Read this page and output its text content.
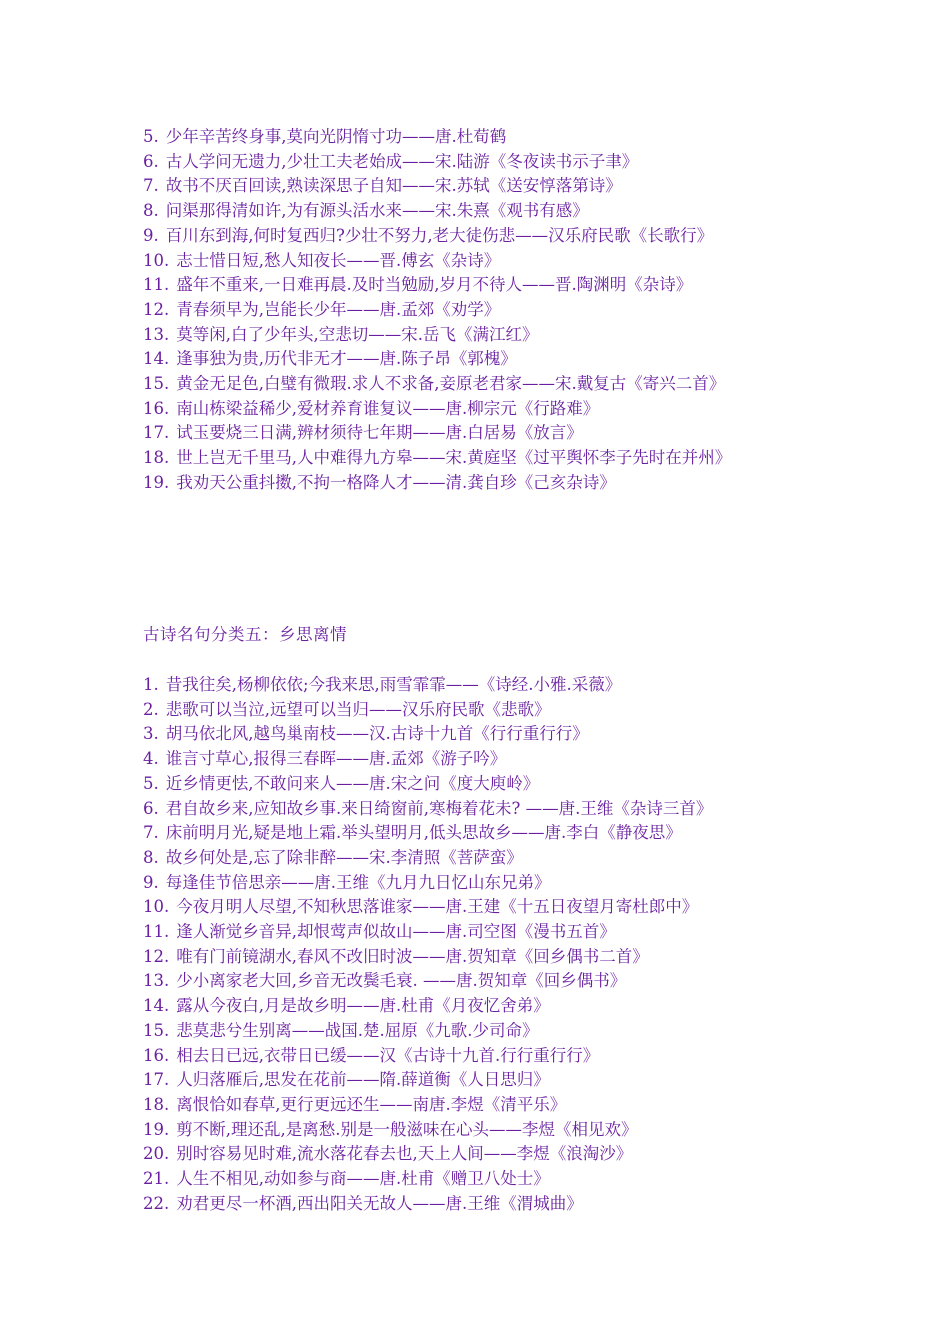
5. 少年辛苦终身事,莫向光阴惰寸功——唐.杜荀鹤
6. 古人学问无遗力,少壮工夫老始成——宋.陆游《冬夜读书示子聿》
7. 故书不厌百回读,熟读深思子自知——宋.苏轼《送安惇落第诗》
8. 问渠那得清如许,为有源头活水来——宋.朱熹《观书有感》
9. 百川东到海,何时复西归?少壮不努力,老大徒伤悲——汉乐府民歌《长歌行》
10. 志士惜日短,愁人知夜长——晋.傅玄《杂诗》
11. 盛年不重来,一日难再晨.及时当勉励,岁月不待人——晋.陶渊明《杂诗》
12. 青春须早为,岂能长少年——唐.孟郊《劝学》
13. 莫等闲,白了少年头,空悲切——宋.岳飞《满江红》
14. 逢事独为贵,历代非无才——唐.陈子昂《郭槐》
15. 黄金无足色,白璧有微瑕.求人不求备,妾原老君家——宋.戴复古《寄兴二首》
16. 南山栋梁益稀少,爱材养育谁复议——唐.柳宗元《行路难》
17. 试玉要烧三日满,辨材须待七年期——唐.白居易《放言》
18. 世上岂无千里马,人中难得九方皋——宋.黄庭坚《过平舆怀李子先时在并州》
19. 我劝天公重抖擞,不拘一格降人才——清.龚自珍《己亥杂诗》
古诗名句分类五：乡思离情
1. 昔我往矣,杨柳依依;今我来思,雨雪霏霏——《诗经.小雅.采薇》
2. 悲歌可以当泣,远望可以当归——汉乐府民歌《悲歌》
3. 胡马依北风,越鸟巢南枝——汉.古诗十九首《行行重行行》
4. 谁言寸草心,报得三春晖——唐.孟郊《游子吟》
5. 近乡情更怯,不敢问来人——唐.宋之问《度大庾岭》
6. 君自故乡来,应知故乡事.来日绮窗前,寒梅着花未? ——唐.王维《杂诗三首》
7. 床前明月光,疑是地上霜.举头望明月,低头思故乡——唐.李白《静夜思》
8. 故乡何处是,忘了除非醉——宋.李清照《菩萨蛮》
9. 每逢佳节倍思亲——唐.王维《九月九日忆山东兄弟》
10. 今夜月明人尽望,不知秋思落谁家——唐.王建《十五日夜望月寄杜郎中》
11. 逢人渐觉乡音异,却恨莺声似故山——唐.司空图《漫书五首》
12. 唯有门前镜湖水,春风不改旧时波——唐.贺知章《回乡偶书二首》
13. 少小离家老大回,乡音无改鬓毛衰. ——唐.贺知章《回乡偶书》
14. 露从今夜白,月是故乡明——唐.杜甫《月夜忆舍弟》
15. 悲莫悲兮生别离——战国.楚.屈原《九歌.少司命》
16. 相去日已远,衣带日已缓——汉《古诗十九首.行行重行行》
17. 人归落雁后,思发在花前——隋.薛道衡《人日思归》
18. 离恨恰如春草,更行更远还生——南唐.李煜《清平乐》
19. 剪不断,理还乱,是离愁.别是一般滋味在心头——李煜《相见欢》
20. 别时容易见时难,流水落花春去也,天上人间——李煜《浪淘沙》
21. 人生不相见,动如参与商——唐.杜甫《赠卫八处士》
22. 劝君更尽一杯酒,西出阳关无故人——唐.王维《渭城曲》
